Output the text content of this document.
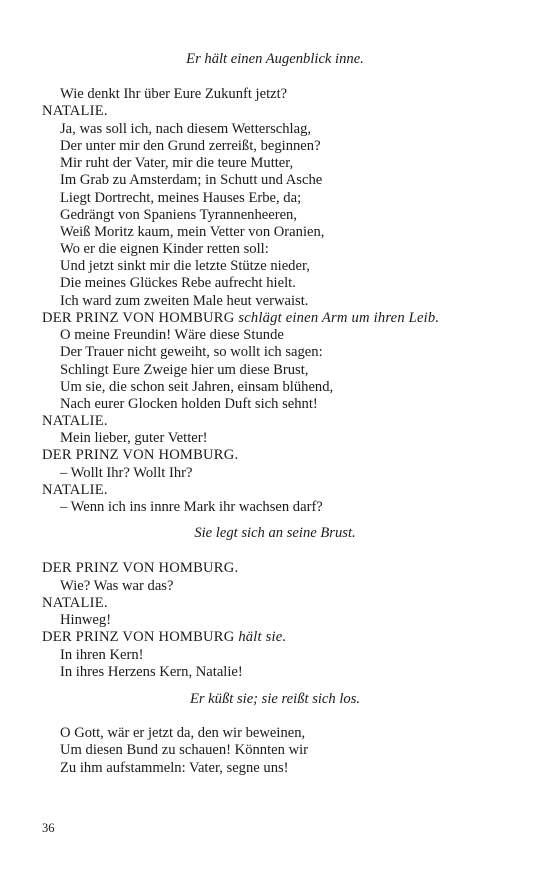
Er hält einen Augenblick inne.
Wie denkt Ihr über Eure Zukunft jetzt?
NATALIE.
Ja, was soll ich, nach diesem Wetterschlag,
Der unter mir den Grund zerreißt, beginnen?
Mir ruht der Vater, mir die teure Mutter,
Im Grab zu Amsterdam; in Schutt und Asche
Liegt Dortrecht, meines Hauses Erbe, da;
Gedrängt von Spaniens Tyrannenheeren,
Weiß Moritz kaum, mein Vetter von Oranien,
Wo er die eignen Kinder retten soll:
Und jetzt sinkt mir die letzte Stütze nieder,
Die meines Glückes Rebe aufrecht hielt.
Ich ward zum zweiten Male heut verwaist.
DER PRINZ VON HOMBURG schlägt einen Arm um ihren Leib.
O meine Freundin! Wäre diese Stunde
Der Trauer nicht geweiht, so wollt ich sagen:
Schlingt Eure Zweige hier um diese Brust,
Um sie, die schon seit Jahren, einsam blühend,
Nach eurer Glocken holden Duft sich sehnt!
NATALIE.
Mein lieber, guter Vetter!
DER PRINZ VON HOMBURG.
– Wollt Ihr? Wollt Ihr?
NATALIE.
– Wenn ich ins innre Mark ihr wachsen darf?
Sie legt sich an seine Brust.
DER PRINZ VON HOMBURG.
Wie? Was war das?
NATALIE.
Hinweg!
DER PRINZ VON HOMBURG hält sie.
In ihren Kern!
In ihres Herzens Kern, Natalie!
Er küßt sie; sie reißt sich los.
O Gott, wär er jetzt da, den wir beweinen,
Um diesen Bund zu schauen! Könnten wir
Zu ihm aufstammeln: Vater, segne uns!
36
